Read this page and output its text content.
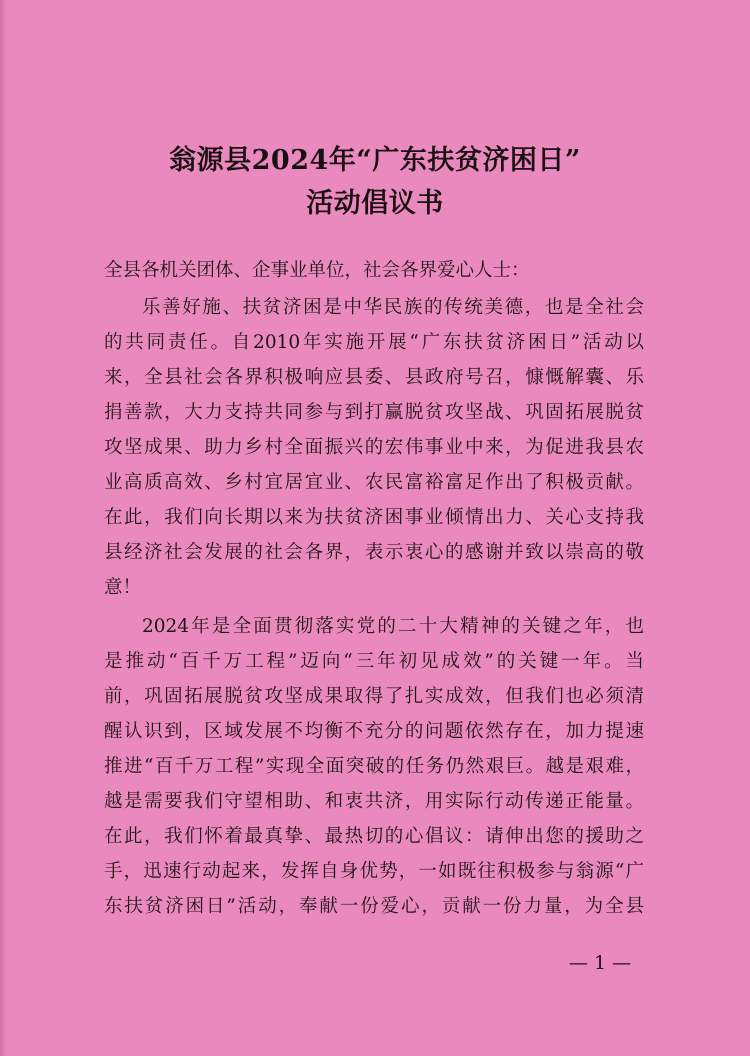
翁源县2024年“广东扶贫济困日”
活动倡议书
全县各机关团体、企事业单位，社会各界爱心人士：
乐善好施、扶贫济困是中华民族的传统美德，也是全社会
的共同责任。自2010年实施开展“广东扶贫济困日”活动以
来，全县社会各界积极响应县委、县政府号召，慷慨解囊、乐
捐善款，大力支持共同参与到打赢脱贫攻坚战、巩固拓展脱贫
攻坚成果、助力乡村全面振兴的宏伟事业中来，为促进我县农
业高质高效、乡村宜居宜业、农民富裕富足作出了积极贡献。
在此，我们向长期以来为扶贫济困事业倾情出力、关心支持我
县经济社会发展的社会各界，表示衷心的感谢并致以崇高的敬
意！
2024年是全面贯彻落实党的二十大精神的关键之年，也
是推动“百千万工程”迈向“三年初见成效”的关键一年。当
前，巩固拓展脱贫攻坚成果取得了扎实成效，但我们也必须清
醒认识到，区域发展不均衡不充分的问题依然存在，加力提速
推进“百千万工程”实现全面突破的任务仍然艰巨。越是艰难，
越是需要我们守望相助、和衷共济，用实际行动传递正能量。
在此，我们怀着最真挚、最热切的心倡议：请伸出您的援助之
手，迅速行动起来，发挥自身优势，一如既往积极参与翁源“广
东扶贫济困日”活动，奉献一份爱心，贡献一份力量，为全县
— 1 —
